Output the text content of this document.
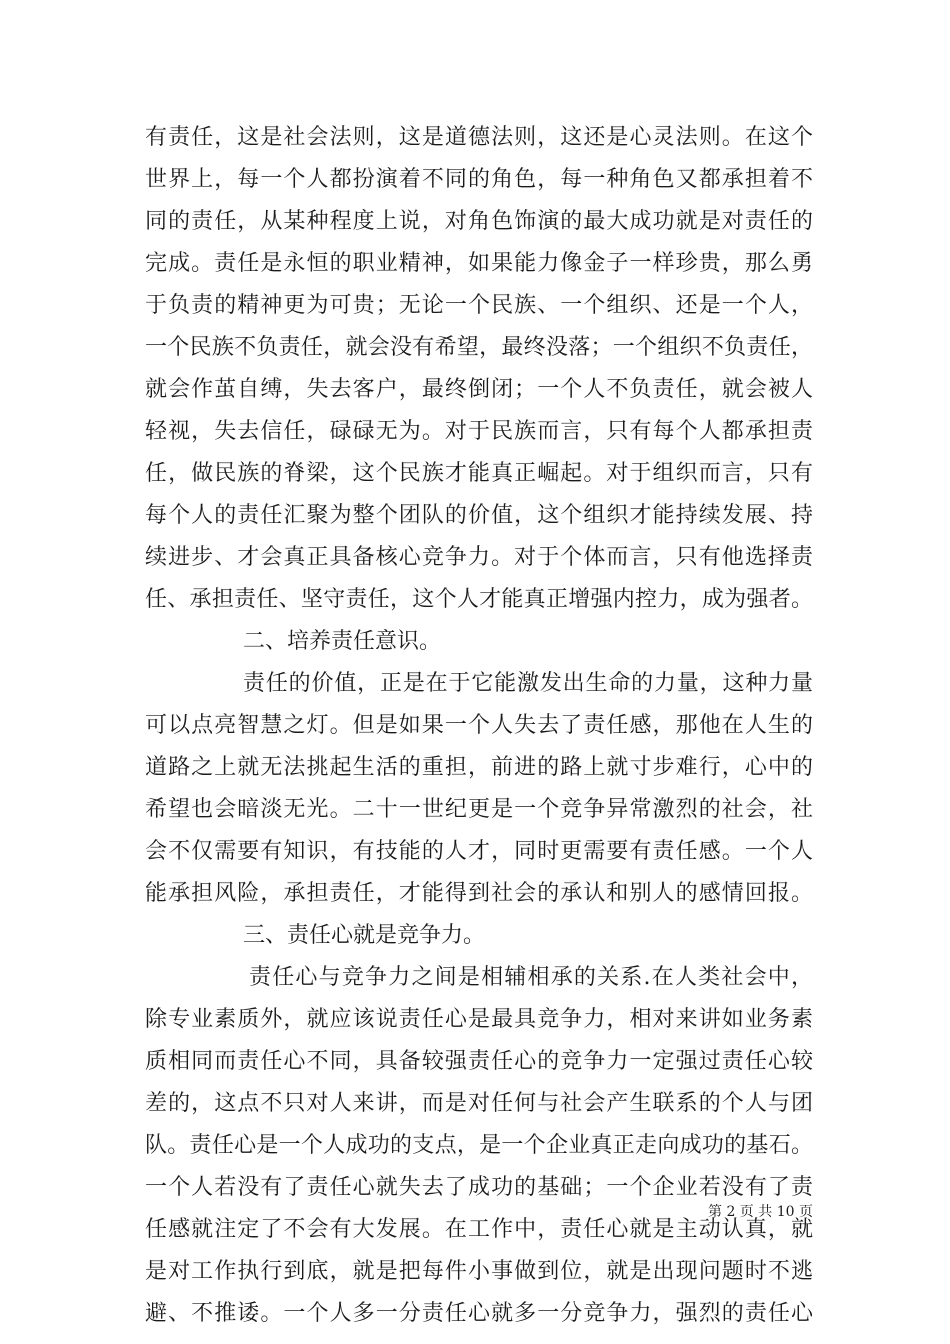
有责任，这是社会法则，这是道德法则，这还是心灵法则。在这个
世界上，每一个人都扮演着不同的角色，每一种角色又都承担着不
同的责任，从某种程度上说，对角色饰演的最大成功就是对责任的
完成。责任是永恒的职业精神，如果能力像金子一样珍贵，那么勇
于负责的精神更为可贵；无论一个民族、一个组织、还是一个人，
一个民族不负责任，就会没有希望，最终没落；一个组织不负责任，
就会作茧自缚，失去客户，最终倒闭；一个人不负责任，就会被人
轻视，失去信任，碌碌无为。对于民族而言，只有每个人都承担责
任，做民族的脊梁，这个民族才能真正崛起。对于组织而言，只有
每个人的责任汇聚为整个团队的价值，这个组织才能持续发展、持
续进步、才会真正具备核心竞争力。对于个体而言，只有他选择责
任、承担责任、坚守责任，这个人才能真正增强内控力，成为强者。
二、培养责任意识。
责任的价值，正是在于它能激发出生命的力量，这种力量
可以点亮智慧之灯。但是如果一个人失去了责任感，那他在人生的
道路之上就无法挑起生活的重担，前进的路上就寸步难行，心中的
希望也会暗淡无光。二十一世纪更是一个竞争异常激烈的社会，社
会不仅需要有知识，有技能的人才，同时更需要有责任感。一个人
能承担风险，承担责任，才能得到社会的承认和别人的感情回报。
三、责任心就是竞争力。
责任心与竞争力之间是相辅相承的关系.在人类社会中，
除专业素质外，就应该说责任心是最具竞争力，相对来讲如业务素
质相同而责任心不同，具备较强责任心的竞争力一定强过责任心较
差的，这点不只对人来讲，而是对任何与社会产生联系的个人与团
队。责任心是一个人成功的支点，是一个企业真正走向成功的基石。
一个人若没有了责任心就失去了成功的基础；一个企业若没有了责
任感就注定了不会有大发展。在工作中，责任心就是主动认真，就
是对工作执行到底，就是把每件小事做到位，就是出现问题时不逃
避、不推诿。一个人多一分责任心就多一分竞争力，强烈的责任心
第 2 页 共 10 页
